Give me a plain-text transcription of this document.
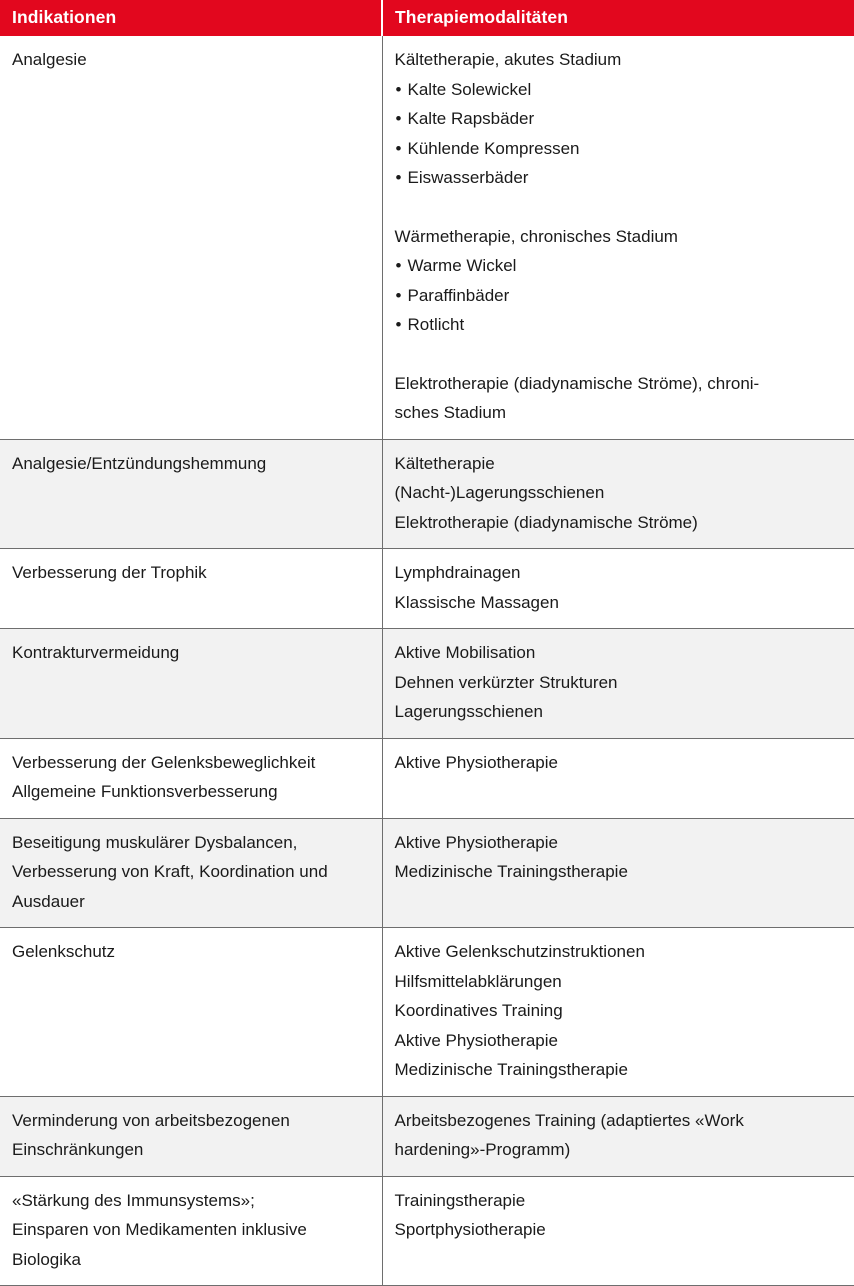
Indikationen	Therapiemodalitäten

Analgesie	Kältetherapie, akutes Stadium
• Kalte Solewickel
• Kalte Rapsbäder
• Kühlende Kompressen
• Eiswasserbäder
Wärmetherapie, chronisches Stadium
• Warme Wickel
• Paraffinbäder
• Rotlicht
Elektrotherapie (diadynamische Ströme), chroni-
sches Stadium

Analgesie/Entzündungshemmung	Kältetherapie
(Nacht-)Lagerungsschienen
Elektrotherapie (diadynamische Ströme)

Verbesserung der Trophik	Lymphdrainagen
Klassische Massagen

Kontrakturvermeidung	Aktive Mobilisation
Dehnen verkürzter Strukturen
Lagerungsschienen

Verbesserung der Gelenksbeweglichkeit
Allgemeine Funktionsverbesserung	Aktive Physiotherapie

Beseitigung muskulärer Dysbalancen,
Verbesserung von Kraft, Koordination und
Ausdauer	Aktive Physiotherapie
Medizinische Trainingstherapie

Gelenkschutz	Aktive Gelenkschutzinstruktionen
Hilfsmittelabklärungen
Koordinatives Training
Aktive Physiotherapie
Medizinische Trainingstherapie

Verminderung von arbeitsbezogenen
Einschränkungen	Arbeitsbezogenes Training (adaptiertes «Work
hardening»-Programm)

«Stärkung des Immunsystems»;
Einsparen von Medikamenten inklusive
Biologika	Trainingstherapie
Sportphysiotherapie
